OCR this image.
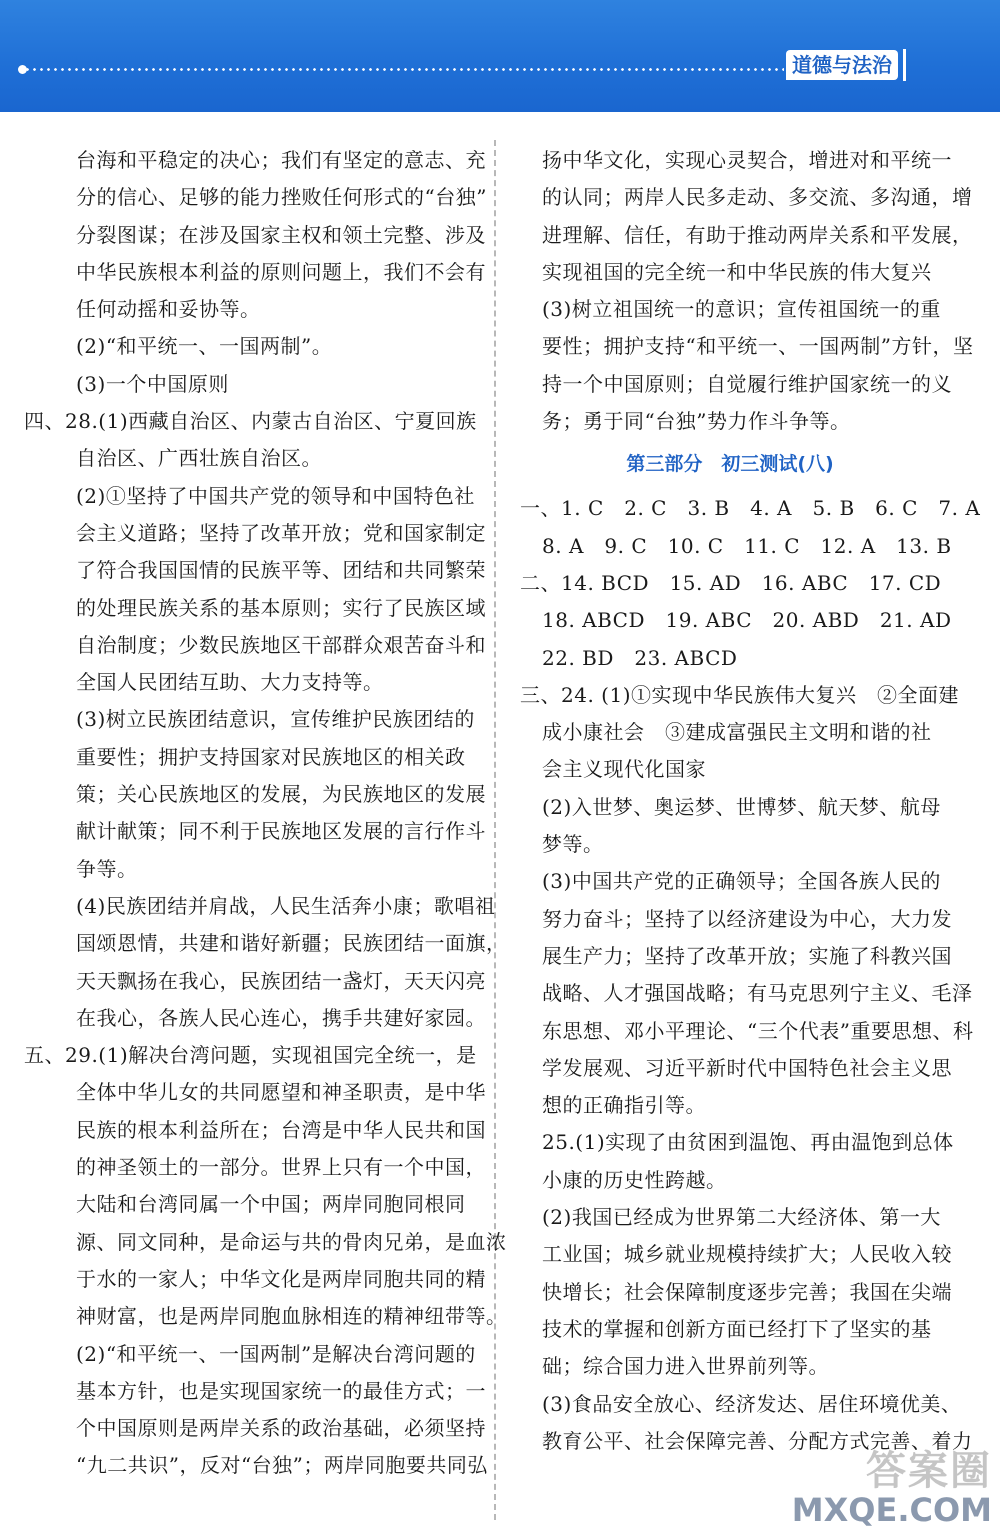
道德与法治
台海和平稳定的决心；我们有坚定的意志、充
分的信心、足够的能力挫败任何形式的“台独”
分裂图谋；在涉及国家主权和领土完整、涉及
中华民族根本利益的原则问题上，我们不会有
任何动摇和妥协等。
(2)“和平统一、一国两制”。
(3)一个中国原则
四、28.(1)西藏自治区、内蒙古自治区、宁夏回族
自治区、广西壮族自治区。
(2)①坚持了中国共产党的领导和中国特色社
会主义道路；坚持了改革开放；党和国家制定
了符合我国国情的民族平等、团结和共同繁荣
的处理民族关系的基本原则；实行了民族区域
自治制度；少数民族地区干部群众艰苦奋斗和
全国人民团结互助、大力支持等。
(3)树立民族团结意识，宣传维护民族团结的
重要性；拥护支持国家对民族地区的相关政
策；关心民族地区的发展，为民族地区的发展
献计献策；同不利于民族地区发展的言行作斗
争等。
(4)民族团结并肩战，人民生活奔小康；歌唱祖
国颂恩情，共建和谐好新疆；民族团结一面旗，
天天飘扬在我心，民族团结一盏灯，天天闪亮
在我心，各族人民心连心，携手共建好家园。
五、29.(1)解决台湾问题，实现祖国完全统一，是
全体中华儿女的共同愿望和神圣职责，是中华
民族的根本利益所在；台湾是中华人民共和国
的神圣领土的一部分。世界上只有一个中国，
大陆和台湾同属一个中国；两岸同胞同根同
源、同文同种，是命运与共的骨肉兄弟，是血浓
于水的一家人；中华文化是两岸同胞共同的精
神财富，也是两岸同胞血脉相连的精神纽带等。
(2)“和平统一、一国两制”是解决台湾问题的
基本方针，也是实现国家统一的最佳方式；一
个中国原则是两岸关系的政治基础，必须坚持
“九二共识”，反对“台独”；两岸同胞要共同弘
扬中华文化，实现心灵契合，增进对和平统一
的认同；两岸人民多走动、多交流、多沟通，增
进理解、信任，有助于推动两岸关系和平发展，
实现祖国的完全统一和中华民族的伟大复兴
(3)树立祖国统一的意识；宣传祖国统一的重
要性；拥护支持“和平统一、一国两制”方针，坚
持一个中国原则；自觉履行维护国家统一的义
务；勇于同“台独”势力作斗争等。
第三部分　初三测试(八)
一、1. C　2. C　3. B　4. A　5. B　6. C　7. A
8. A　9. C　10. C　11. C　12. A　13. B
二、14. BCD　15. AD　16. ABC　17. CD
18. ABCD　19. ABC　20. ABD　21. AD
22. BD　23. ABCD
三、24. (1)①实现中华民族伟大复兴　②全面建
成小康社会　③建成富强民主文明和谐的社
会主义现代化国家
(2)入世梦、奥运梦、世博梦、航天梦、航母
梦等。
(3)中国共产党的正确领导；全国各族人民的
努力奋斗；坚持了以经济建设为中心，大力发
展生产力；坚持了改革开放；实施了科教兴国
战略、人才强国战略；有马克思列宁主义、毛泽
东思想、邓小平理论、“三个代表”重要思想、科
学发展观、习近平新时代中国特色社会主义思
想的正确指引等。
25.(1)实现了由贫困到温饱、再由温饱到总体
小康的历史性跨越。
(2)我国已经成为世界第二大经济体、第一大
工业国；城乡就业规模持续扩大；人民收入较
快增长；社会保障制度逐步完善；我国在尖端
技术的掌握和创新方面已经打下了坚实的基
础；综合国力进入世界前列等。
(3)食品安全放心、经济发达、居住环境优美、
教育公平、社会保障完善、分配方式完善、着力
答案圈
MXQE.COM
